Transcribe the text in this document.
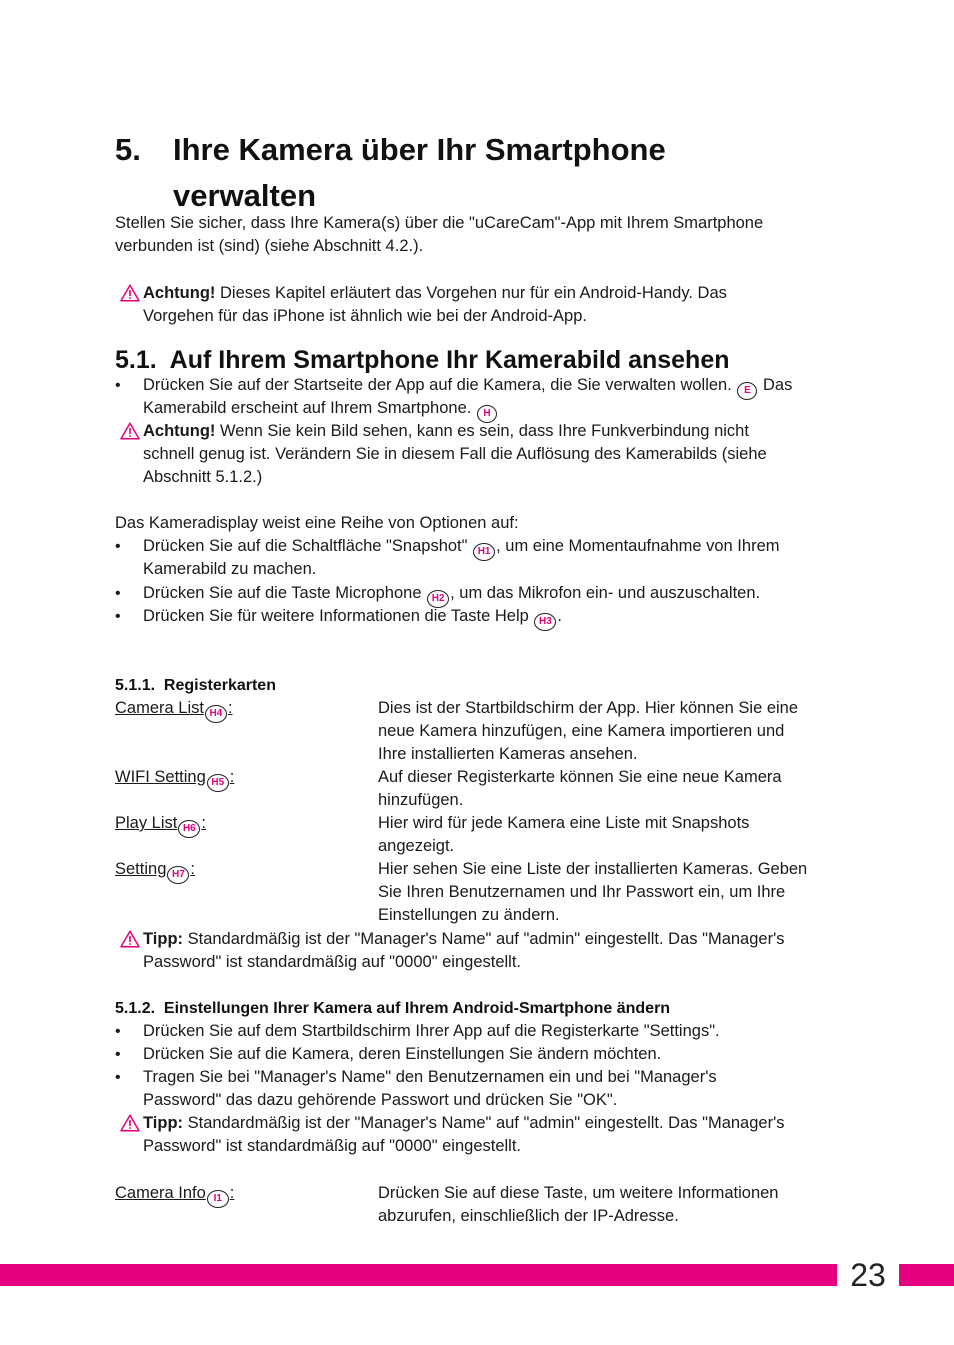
5. Ihre Kamera über Ihr Smartphone
verwalten
Stellen Sie sicher, dass Ihre Kamera(s) über die "uCareCam"-App mit Ihrem Smartphone
verbunden ist (sind) (siehe Abschnitt 4.2.).
Achtung! Dieses Kapitel erläutert das Vorgehen nur für ein Android-Handy. Das
Vorgehen für das iPhone ist ähnlich wie bei der Android-App.
5.1.  Auf Ihrem Smartphone Ihr Kamerabild ansehen
• Drücken Sie auf der Startseite der App auf die Kamera, die Sie verwalten wollen. E Das
Kamerabild erscheint auf Ihrem Smartphone. H
Achtung! Wenn Sie kein Bild sehen, kann es sein, dass Ihre Funkverbindung nicht
schnell genug ist. Verändern Sie in diesem Fall die Auflösung des Kamerabilds (siehe
Abschnitt 5.1.2.)
Das Kameradisplay weist eine Reihe von Optionen auf:
• Drücken Sie auf die Schaltfläche "Snapshot" H1 , um eine Momentaufnahme von Ihrem
Kamerabild zu machen.
• Drücken Sie auf die Taste Microphone H2 , um das Mikrofon ein- und auszuschalten.
• Drücken Sie für weitere Informationen die Taste Help H3 .
5.1.1.  Registerkarten
Camera List H4 :	Dies ist der Startbildschirm der App. Hier können Sie eine
neue Kamera hinzufügen, eine Kamera importieren und
Ihre installierten Kameras ansehen.
WIFI Setting H5 :	Auf dieser Registerkarte können Sie eine neue Kamera
hinzufügen.
Play List H6 :	Hier wird für jede Kamera eine Liste mit Snapshots
angezeigt.
Setting H7 :	Hier sehen Sie eine Liste der installierten Kameras. Geben
Sie Ihren Benutzernamen und Ihr Passwort ein, um Ihre
Einstellungen zu ändern.
Tipp: Standardmäßig ist der "Manager's Name" auf "admin" eingestellt. Das "Manager's
Password" ist standardmäßig auf "0000" eingestellt.
5.1.2.  Einstellungen Ihrer Kamera auf Ihrem Android-Smartphone ändern
• Drücken Sie auf dem Startbildschirm Ihrer App auf die Registerkarte "Settings".
• Drücken Sie auf die Kamera, deren Einstellungen Sie ändern möchten.
• Tragen Sie bei "Manager's Name" den Benutzernamen ein und bei "Manager's
Password" das dazu gehörende Passwort und drücken Sie "OK".
Tipp: Standardmäßig ist der "Manager's Name" auf "admin" eingestellt. Das "Manager's
Password" ist standardmäßig auf "0000" eingestellt.
Camera Info I1 :	Drücken Sie auf diese Taste, um weitere Informationen
abzurufen, einschließlich der IP-Adresse.
23
